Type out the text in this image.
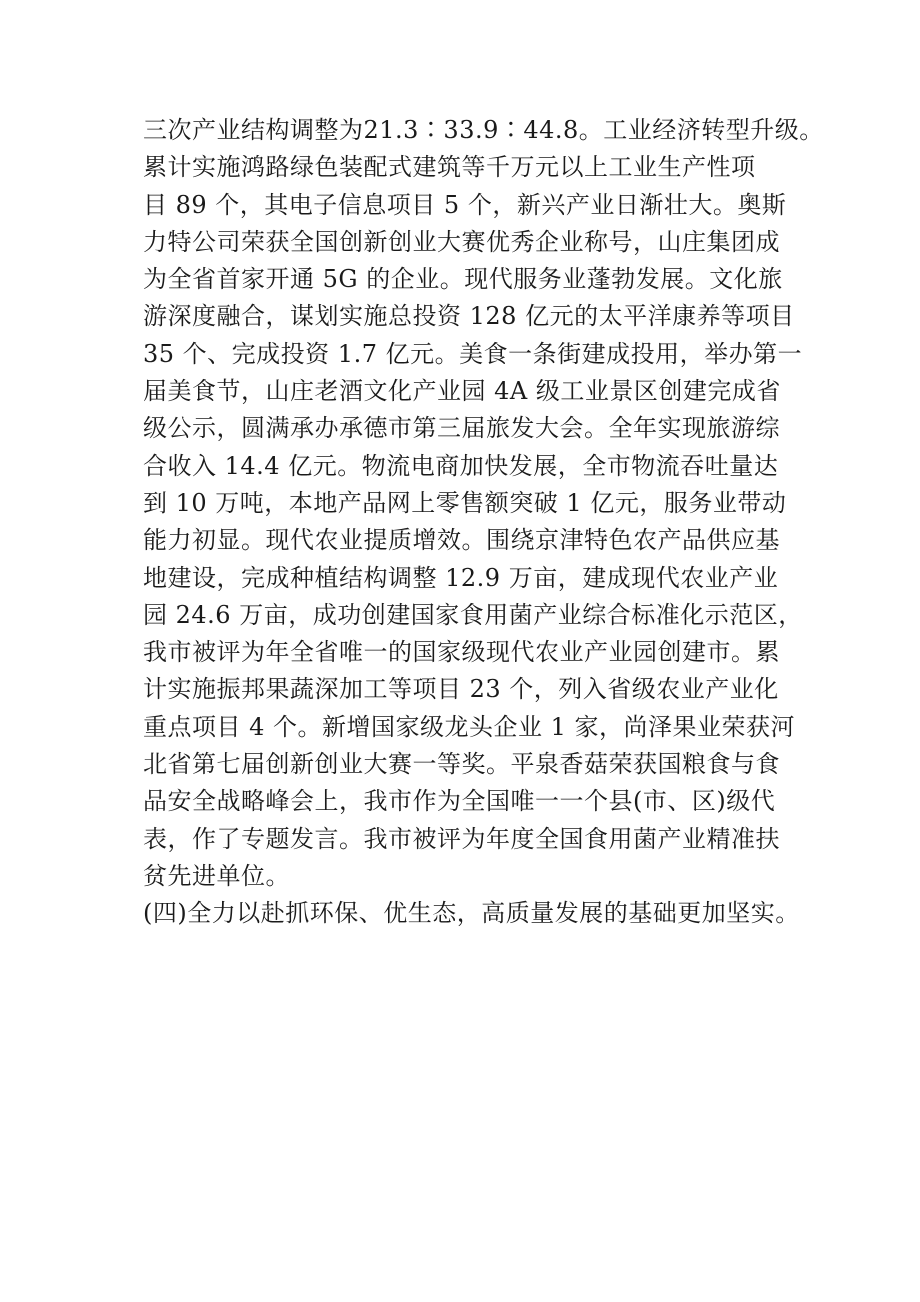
三次产业结构调整为21.3∶33.9∶44.8。工业经济转型升级。
累计实施鸿路绿色装配式建筑等千万元以上工业生产性项
目 89 个，其电子信息项目 5 个，新兴产业日渐壮大。奥斯
力特公司荣获全国创新创业大赛优秀企业称号，山庄集团成
为全省首家开通 5G 的企业。现代服务业蓬勃发展。文化旅
游深度融合，谋划实施总投资 128 亿元的太平洋康养等项目
35 个、完成投资 1.7 亿元。美食一条街建成投用，举办第一
届美食节，山庄老酒文化产业园 4A 级工业景区创建完成省
级公示，圆满承办承德市第三届旅发大会。全年实现旅游综
合收入 14.4 亿元。物流电商加快发展，全市物流吞吐量达
到 10 万吨，本地产品网上零售额突破 1 亿元，服务业带动
能力初显。现代农业提质增效。围绕京津特色农产品供应基
地建设，完成种植结构调整 12.9 万亩，建成现代农业产业
园 24.6 万亩，成功创建国家食用菌产业综合标准化示范区，
我市被评为年全省唯一的国家级现代农业产业园创建市。累
计实施振邦果蔬深加工等项目 23 个，列入省级农业产业化
重点项目 4 个。新增国家级龙头企业 1 家，尚泽果业荣获河
北省第七届创新创业大赛一等奖。平泉香菇荣获国粮食与食
品安全战略峰会上，我市作为全国唯一一个县(市、区)级代
表，作了专题发言。我市被评为年度全国食用菌产业精准扶
贫先进单位。
(四)全力以赴抓环保、优生态，高质量发展的基础更加坚实。
